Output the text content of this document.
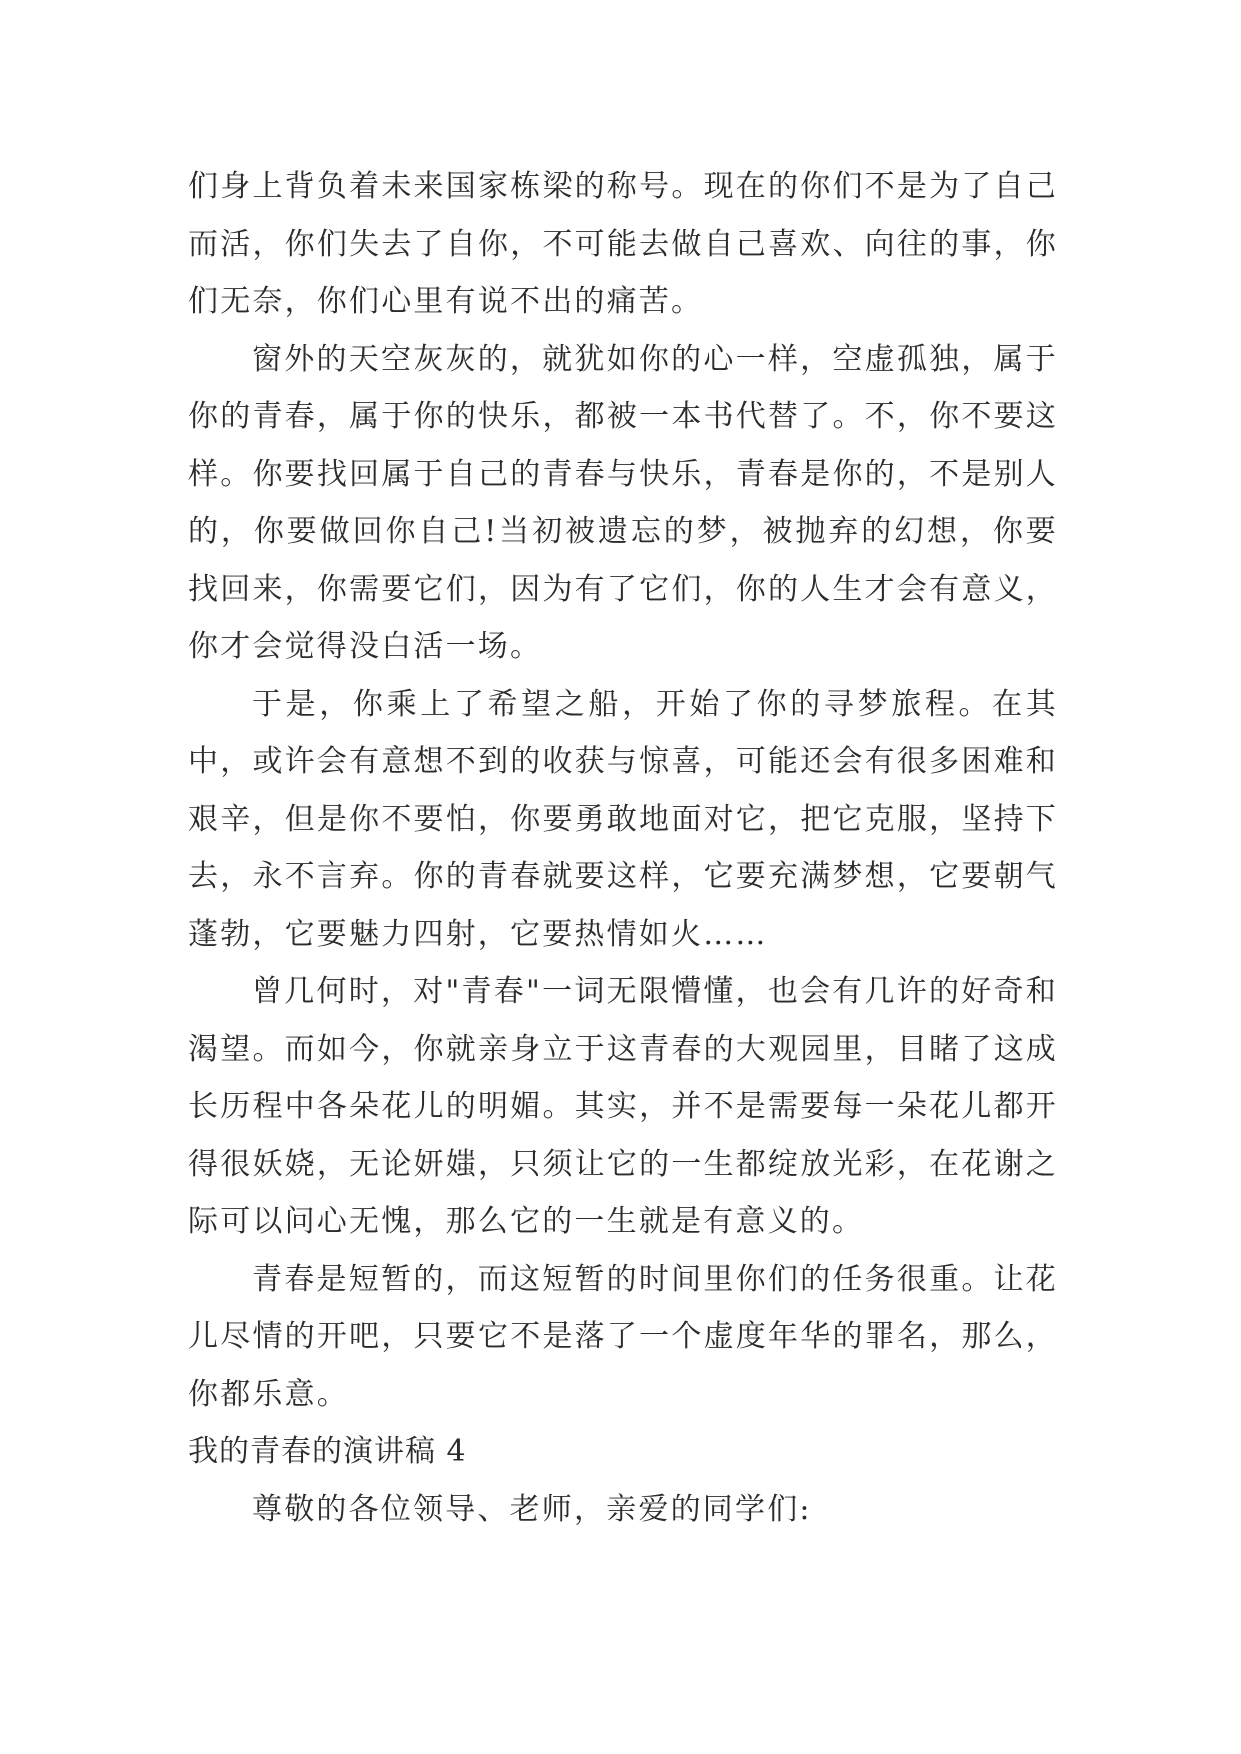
们身上背负着未来国家栋梁的称号。现在的你们不是为了自己而活，你们失去了自你，不可能去做自己喜欢、向往的事，你们无奈，你们心里有说不出的痛苦。

窗外的天空灰灰的，就犹如你的心一样，空虚孤独，属于你的青春，属于你的快乐，都被一本书代替了。不，你不要这样。你要找回属于自己的青春与快乐，青春是你的，不是别人的，你要做回你自己!当初被遗忘的梦，被抛弃的幻想，你要找回来，你需要它们，因为有了它们，你的人生才会有意义，你才会觉得没白活一场。

于是，你乘上了希望之船，开始了你的寻梦旅程。在其中，或许会有意想不到的收获与惊喜，可能还会有很多困难和艰辛，但是你不要怕，你要勇敢地面对它，把它克服，坚持下去，永不言弃。你的青春就要这样，它要充满梦想，它要朝气蓬勃，它要魅力四射，它要热情如火……

曾几何时，对"青春"一词无限懵懂，也会有几许的好奇和渴望。而如今，你就亲身立于这青春的大观园里，目睹了这成长历程中各朵花儿的明媚。其实，并不是需要每一朵花儿都开得很妖娆，无论妍媸，只须让它的一生都绽放光彩，在花谢之际可以问心无愧，那么它的一生就是有意义的。

青春是短暂的，而这短暂的时间里你们的任务很重。让花儿尽情的开吧，只要它不是落了一个虚度年华的罪名，那么，你都乐意。

我的青春的演讲稿 4

尊敬的各位领导、老师，亲爱的同学们:
